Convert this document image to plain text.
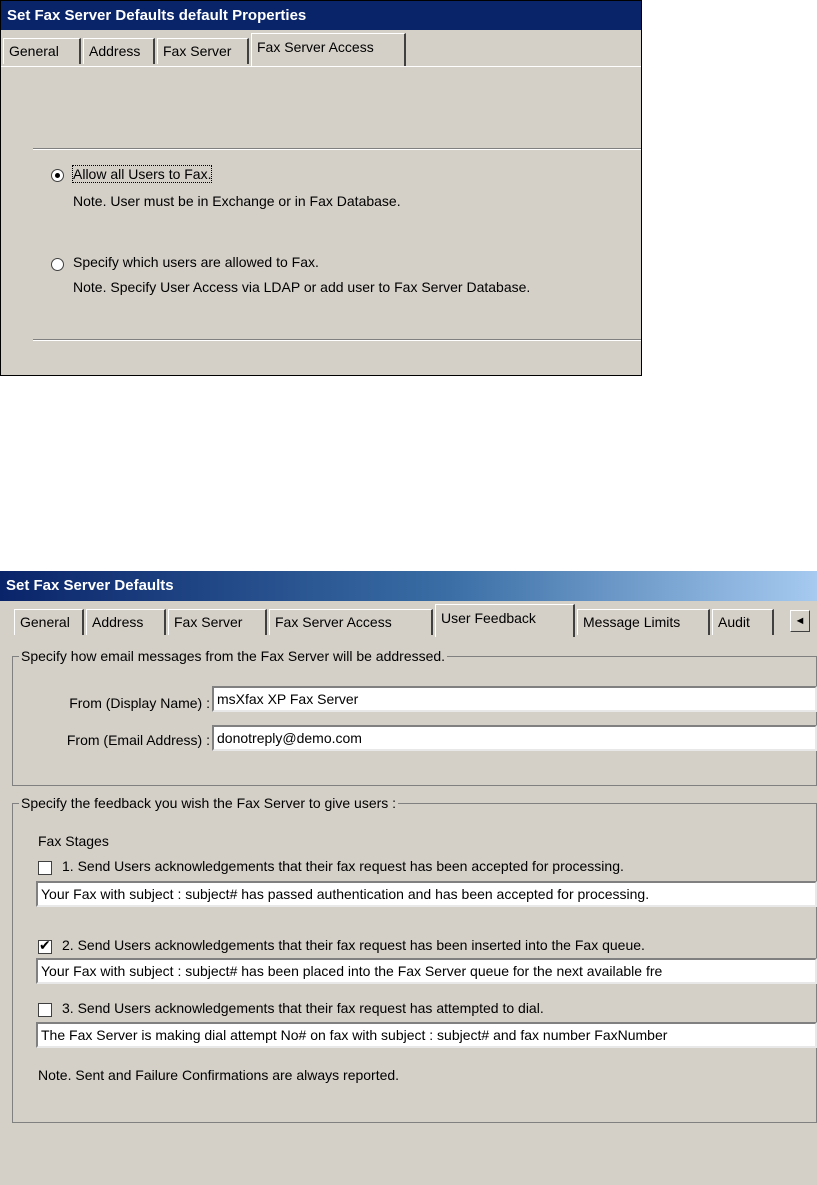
Set Fax Server Defaults default Properties
General	Address	Fax Server	Fax Server Access
Allow all Users to Fax.
Note. User must be in Exchange or in Fax Database.
Specify which users are allowed to Fax.
Note. Specify User Access via LDAP or add user to Fax Server Database.
Set Fax Server Defaults
General	Address	Fax Server	Fax Server Access	User Feedback	Message Limits	Audit	◄
Specify how email messages from the Fax Server will be addressed.
From (Display Name) : msXfax XP Fax Server
From (Email Address) : donotreply@demo.com
Specify the feedback you wish the Fax Server to give users :
Fax Stages
1. Send Users acknowledgements that their fax request has been accepted for processing.
Your Fax with subject : subject# has passed authentication and has been accepted for processing.
✔ 2. Send Users acknowledgements that their fax request has been inserted into the Fax queue.
Your Fax with subject : subject# has been placed into the Fax Server queue for the next available fre
3. Send Users acknowledgements that their fax request has attempted to dial.
The Fax Server is making dial attempt No# on fax with subject : subject# and fax number FaxNumber
Note. Sent and Failure Confirmations are always reported.
